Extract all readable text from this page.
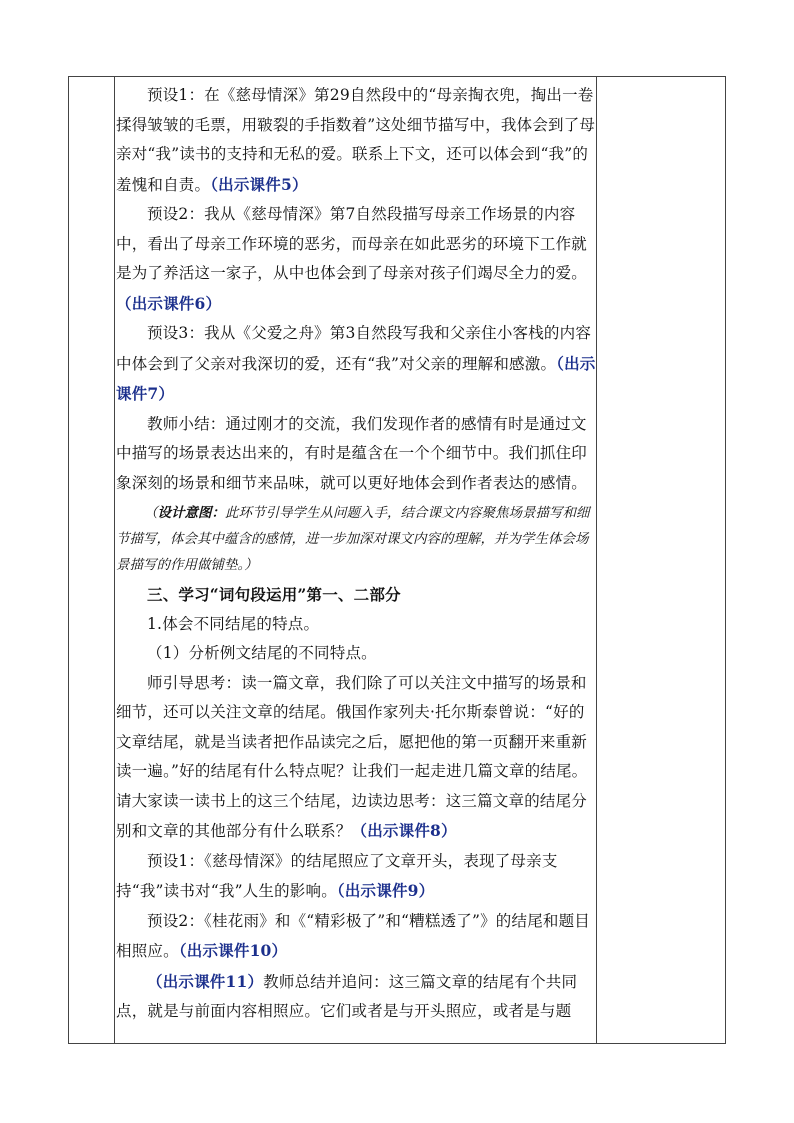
预设1：在《慈母情深》第29自然段中的“母亲掏衣兜，掏出一卷揉得皱皱的毛票，用皲裂的手指数着”这处细节描写中，我体会到了母亲对“我”读书的支持和无私的爱。联系上下文，还可以体会到“我”的羞愧和自责。（出示课件5）

预设2：我从《慈母情深》第7自然段描写母亲工作场景的内容中，看出了母亲工作环境的恶劣，而母亲在如此恶劣的环境下工作就是为了养活这一家子，从中也体会到了母亲对孩子们竭尽全力的爱。（出示课件6）

预设3：我从《父爱之舟》第3自然段写我和父亲住小客栈的内容中体会到了父亲对我深切的爱，还有“我”对父亲的理解和感激。（出示课件7）

教师小结：通过刚才的交流，我们发现作者的感情有时是通过文中描写的场景表达出来的，有时是蕴含在一个个细节中。我们抓住印象深刻的场景和细节来品味，就可以更好地体会到作者表达的感情。

（设计意图：此环节引导学生从问题入手，结合课文内容聚焦场景描写和细节描写，体会其中蕴含的感情，进一步加深对课文内容的理解，并为学生体会场景描写的作用做铺垫。）

三、学习“词句段运用”第一、二部分

1.体会不同结尾的特点。

（1）分析例文结尾的不同特点。

师引导思考：读一篇文章，我们除了可以关注文中描写的场景和细节，还可以关注文章的结尾。俄国作家列夫·托尔斯泰曾说：“好的文章结尾，就是当读者把作品读完之后，愿把他的第一页翻开来重新读一遍。”好的结尾有什么特点呢？让我们一起走进几篇文章的结尾。请大家读一读书上的这三个结尾，边读边思考：这三篇文章的结尾分别和文章的其他部分有什么联系？（出示课件8）

预设1：《慈母情深》的结尾照应了文章开头，表现了母亲支持“我”读书对“我”人生的影响。（出示课件9）

预设2：《桂花雨》和《“精彩极了”和“糟糕透了”》的结尾和题目相照应。（出示课件10）

（出示课件11）教师总结并追问：这三篇文章的结尾有个共同点，就是与前面内容相照应。它们或者是与开头照应，或者是与题
